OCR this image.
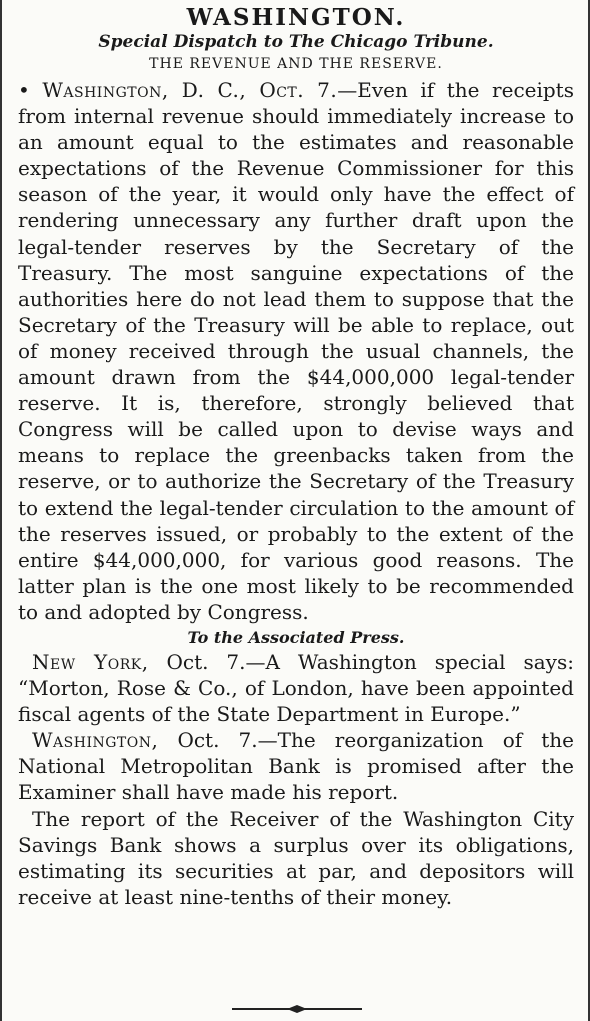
WASHINGTON.

Special Dispatch to The Chicago Tribune.

THE REVENUE AND THE RESERVE.

• Washington, D. C., Oct. 7.—Even if the receipts from internal revenue should immediately increase to an amount equal to the estimates and reasonable expectations of the Revenue Commissioner for this season of the year, it would only have the effect of rendering unnecessary any further draft upon the legal-tender reserves by the Secretary of the Treasury. The most sanguine expectations of the authorities here do not lead them to suppose that the Secretary of the Treasury will be able to replace, out of money received through the usual channels, the amount drawn from the $44,000,000 legal-tender reserve. It is, therefore, strongly believed that Congress will be called upon to devise ways and means to replace the greenbacks taken from the reserve, or to authorize the Secretary of the Treasury to extend the legal-tender circulation to the amount of the reserves issued, or probably to the extent of the entire $44,000,000, for various good reasons. The latter plan is the one most likely to be recommended to and adopted by Congress.

To the Associated Press.

New York, Oct. 7.—A Washington special says: “Morton, Rose & Co., of London, have been appointed fiscal agents of the State Department in Europe.”

Washington, Oct. 7.—The reorganization of the National Metropolitan Bank is promised after the Examiner shall have made his report.

The report of the Receiver of the Washington City Savings Bank shows a surplus over its obligations, estimating its securities at par, and depositors will receive at least nine-tenths of their money.
